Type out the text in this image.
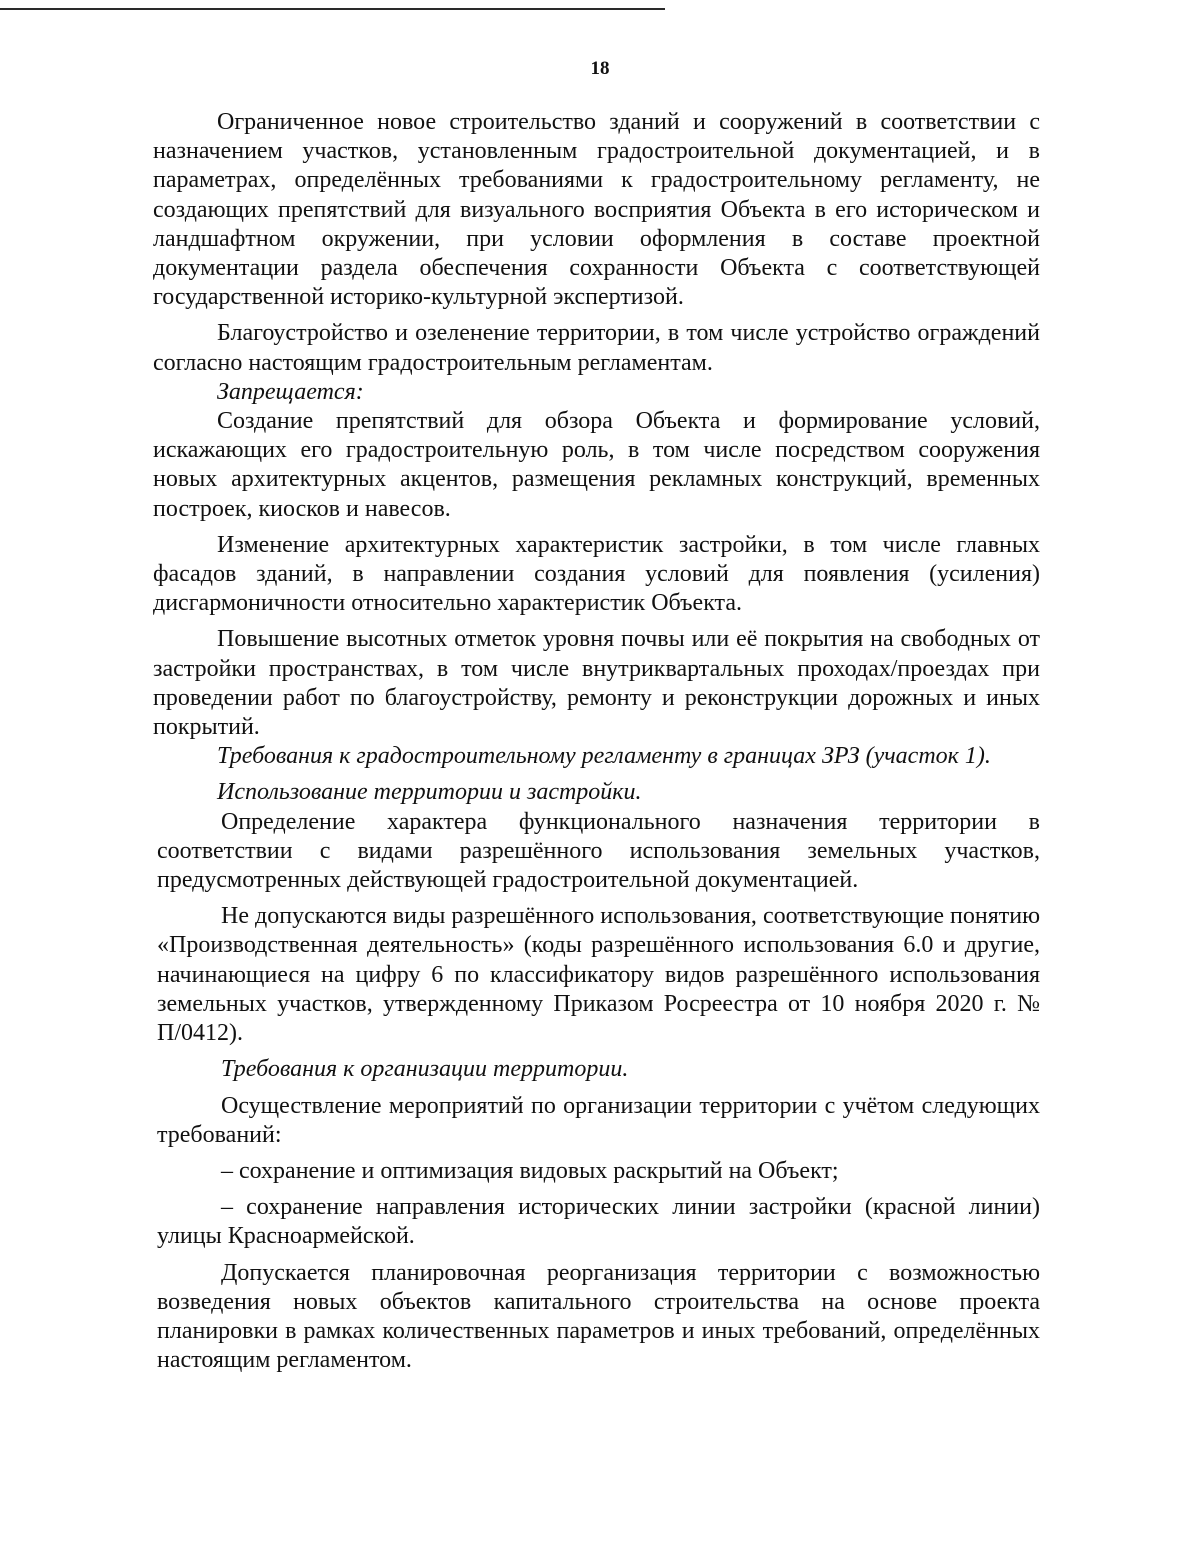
18

Ограниченное новое строительство зданий и сооружений в соответствии с назначением участков, установленным градостроительной документацией, и в параметрах, определённых требованиями к градостроительному регламенту, не создающих препятствий для визуального восприятия Объекта в его историческом и ландшафтном окружении, при условии оформления в составе проектной документации раздела обеспечения сохранности Объекта с соответствующей государственной историко-культурной экспертизой.

Благоустройство и озеленение территории, в том числе устройство ограждений согласно настоящим градостроительным регламентам.

Запрещается:

Создание препятствий для обзора Объекта и формирование условий, искажающих его градостроительную роль, в том числе посредством сооружения новых архитектурных акцентов, размещения рекламных конструкций, временных построек, киосков и навесов.

Изменение архитектурных характеристик застройки, в том числе главных фасадов зданий, в направлении создания условий для появления (усиления) дисгармоничности относительно характеристик Объекта.

Повышение высотных отметок уровня почвы или её покрытия на свободных от застройки пространствах, в том числе внутриквартальных проходах/проездах при проведении работ по благоустройству, ремонту и реконструкции дорожных и иных покрытий.

Требования к градостроительному регламенту в границах ЗРЗ (участок 1).

Использование территории и застройки.

Определение характера функционального назначения территории в соответствии с видами разрешённого использования земельных участков, предусмотренных действующей градостроительной документацией.

Не допускаются виды разрешённого использования, соответствующие понятию «Производственная деятельность» (коды разрешённого использования 6.0 и другие, начинающиеся на цифру 6 по классификатору видов разрешённого использования земельных участков, утвержденному Приказом Росреестра от 10 ноября 2020 г. № П/0412).

Требования к организации территории.

Осуществление мероприятий по организации территории с учётом следующих требований:

– сохранение и оптимизация видовых раскрытий на Объект;

– сохранение направления исторических линии застройки (красной линии) улицы Красноармейской.

Допускается планировочная реорганизация территории с возможностью возведения новых объектов капитального строительства на основе проекта планировки в рамках количественных параметров и иных требований, определённых настоящим регламентом.
